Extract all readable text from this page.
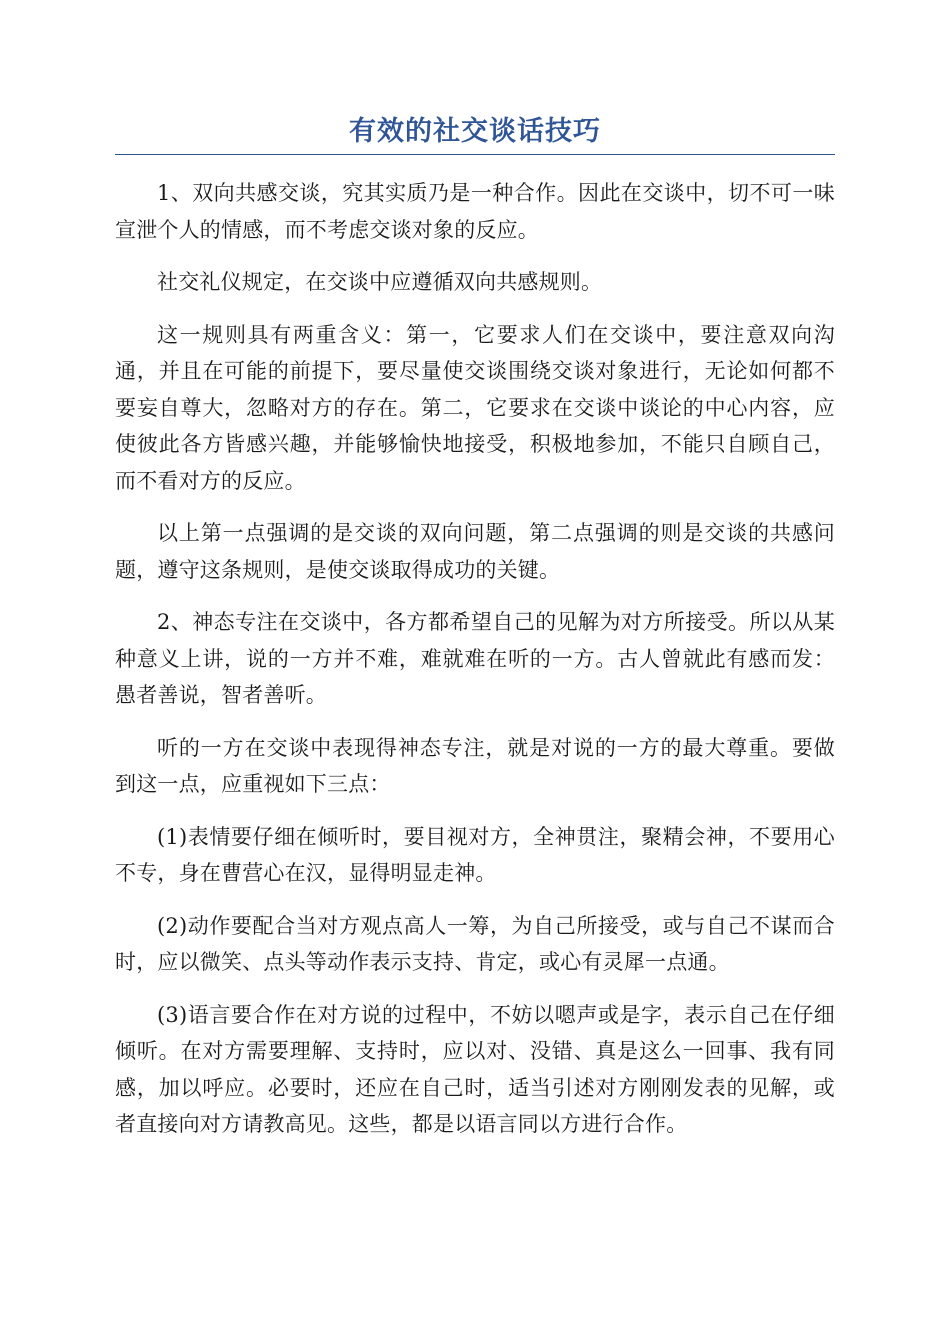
有效的社交谈话技巧

1、双向共感交谈，究其实质乃是一种合作。因此在交谈中，切不可一味宣泄个人的情感，而不考虑交谈对象的反应。

社交礼仪规定，在交谈中应遵循双向共感规则。

这一规则具有两重含义：第一，它要求人们在交谈中，要注意双向沟通，并且在可能的前提下，要尽量使交谈围绕交谈对象进行，无论如何都不要妄自尊大，忽略对方的存在。第二，它要求在交谈中谈论的中心内容，应使彼此各方皆感兴趣，并能够愉快地接受，积极地参加，不能只自顾自己，而不看对方的反应。

以上第一点强调的是交谈的双向问题，第二点强调的则是交谈的共感问题，遵守这条规则，是使交谈取得成功的关键。

2、神态专注在交谈中，各方都希望自己的见解为对方所接受。所以从某种意义上讲，说的一方并不难，难就难在听的一方。古人曾就此有感而发：愚者善说，智者善听。

听的一方在交谈中表现得神态专注，就是对说的一方的最大尊重。要做到这一点，应重视如下三点：

(1)表情要仔细在倾听时，要目视对方，全神贯注，聚精会神，不要用心不专，身在曹营心在汉，显得明显走神。

(2)动作要配合当对方观点高人一筹，为自己所接受，或与自己不谋而合时，应以微笑、点头等动作表示支持、肯定，或心有灵犀一点通。

(3)语言要合作在对方说的过程中，不妨以嗯声或是字，表示自己在仔细倾听。在对方需要理解、支持时，应以对、没错、真是这么一回事、我有同感，加以呼应。必要时，还应在自己时，适当引述对方刚刚发表的见解，或者直接向对方请教高见。这些，都是以语言同以方进行合作。
